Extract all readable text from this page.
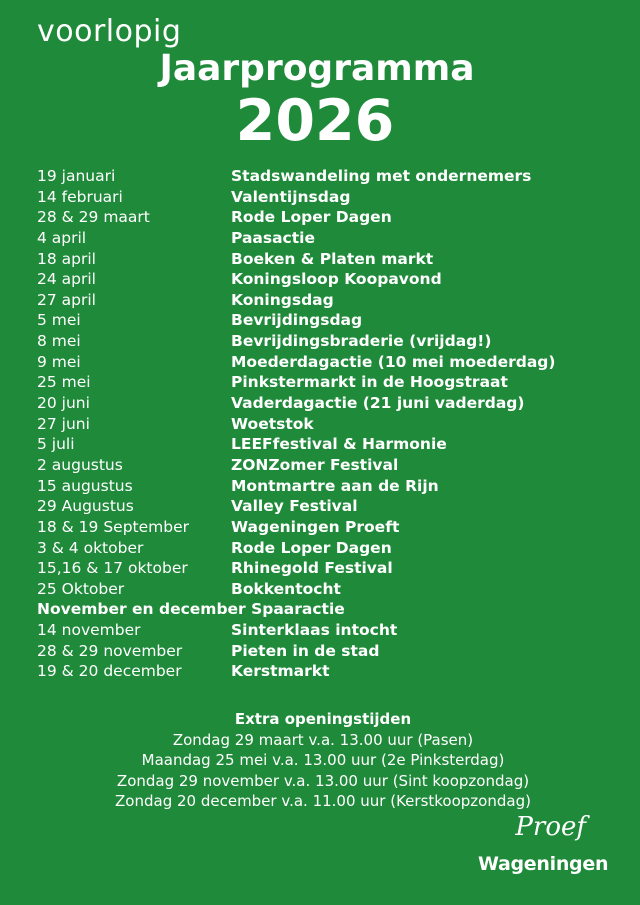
voorlopig
Jaarprogramma
2026
19 januari	Stadswandeling met ondernemers
14 februari	Valentijnsdag
28 & 29 maart	Rode Loper Dagen
4 april	Paasactie
18 april	Boeken & Platen markt
24 april	Koningsloop Koopavond
27 april	Koningsdag
5 mei	Bevrijdingsdag
8 mei	Bevrijdingsbraderie (vrijdag!)
9 mei	Moederdagactie (10 mei moederdag)
25 mei	Pinkstermarkt in de Hoogstraat
20 juni	Vaderdagactie (21 juni vaderdag)
27 juni	Woetstok
5 juli	LEEFfestival & Harmonie
2 augustus	ZONZomer Festival
15 augustus	Montmartre aan de Rijn
29 Augustus	Valley Festival
18 & 19 September	Wageningen Proeft
3 & 4 oktober	Rode Loper Dagen
15,16 & 17 oktober	Rhinegold Festival
25 Oktober	Bokkentocht
November en december Spaaractie
14 november	Sinterklaas intocht
28 & 29 november	Pieten in de stad
19 & 20 december	Kerstmarkt
Extra openingstijden
Zondag 29 maart v.a. 13.00 uur (Pasen)
Maandag 25 mei v.a. 13.00 uur (2e Pinksterdag)
Zondag 29 november v.a. 13.00 uur (Sint koopzondag)
Zondag 20 december v.a. 11.00 uur (Kerstkoopzondag)
Proef
Wageningen
